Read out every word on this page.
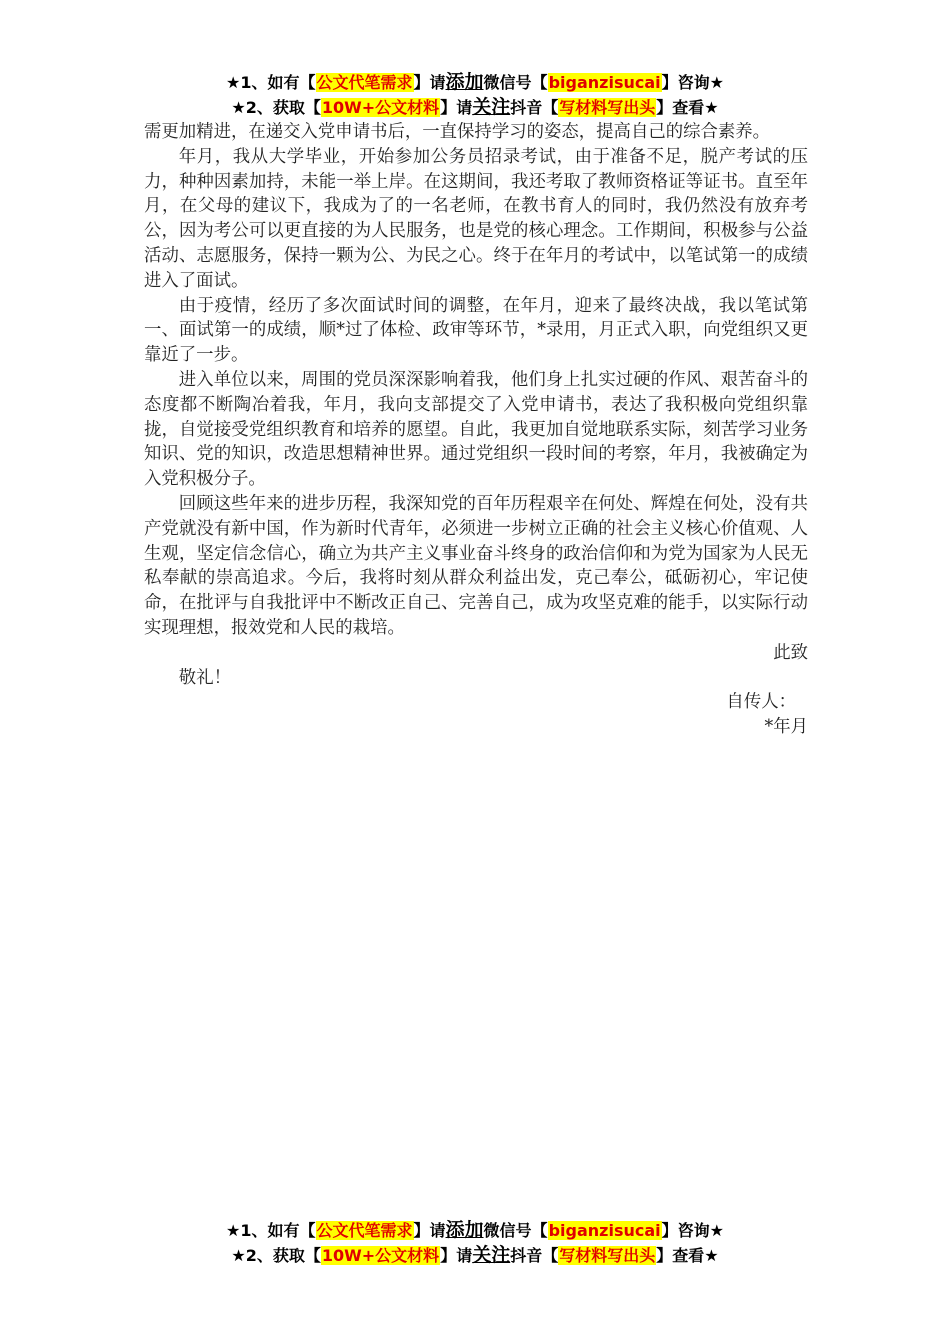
★1、如有【公文代笔需求】请添加微信号【biganzisucai】咨询★
★2、获取【10W+公文材料】请关注抖音【写材料写出头】查看★

需更加精进，在递交入党申请书后，一直保持学习的姿态，提高自己的综合素养。

年月，我从大学毕业，开始参加公务员招录考试，由于准备不足，脱产考试的压力，种种因素加持，未能一举上岸。在这期间，我还考取了教师资格证等证书。直至年月，在父母的建议下，我成为了的一名老师，在教书育人的同时，我仍然没有放弃考公，因为考公可以更直接的为人民服务，也是党的核心理念。工作期间，积极参与公益活动、志愿服务，保持一颗为公、为民之心。终于在年月的考试中，以笔试第一的成绩进入了面试。

由于疫情，经历了多次面试时间的调整，在年月，迎来了最终决战，我以笔试第一、面试第一的成绩，顺*过了体检、政审等环节，*录用，月正式入职，向党组织又更靠近了一步。

进入单位以来，周围的党员深深影响着我，他们身上扎实过硬的作风、艰苦奋斗的态度都不断陶冶着我，年月，我向支部提交了入党申请书，表达了我积极向党组织靠拢，自觉接受党组织教育和培养的愿望。自此，我更加自觉地联系实际，刻苦学习业务知识、党的知识，改造思想精神世界。通过党组织一段时间的考察，年月，我被确定为入党积极分子。

回顾这些年来的进步历程，我深知党的百年历程艰辛在何处、辉煌在何处，没有共产党就没有新中国，作为新时代青年，必须进一步树立正确的社会主义核心价值观、人生观，坚定信念信心，确立为共产主义事业奋斗终身的政治信仰和为党为国家为人民无私奉献的崇高追求。今后，我将时刻从群众利益出发，克己奉公，砥砺初心，牢记使命，在批评与自我批评中不断改正自己、完善自己，成为攻坚克难的能手，以实际行动实现理想，报效党和人民的栽培。

此致
敬礼！
自传人：
*年月
★1、如有【公文代笔需求】请添加微信号【biganzisucai】咨询★
★2、获取【10W+公文材料】请关注抖音【写材料写出头】查看★
